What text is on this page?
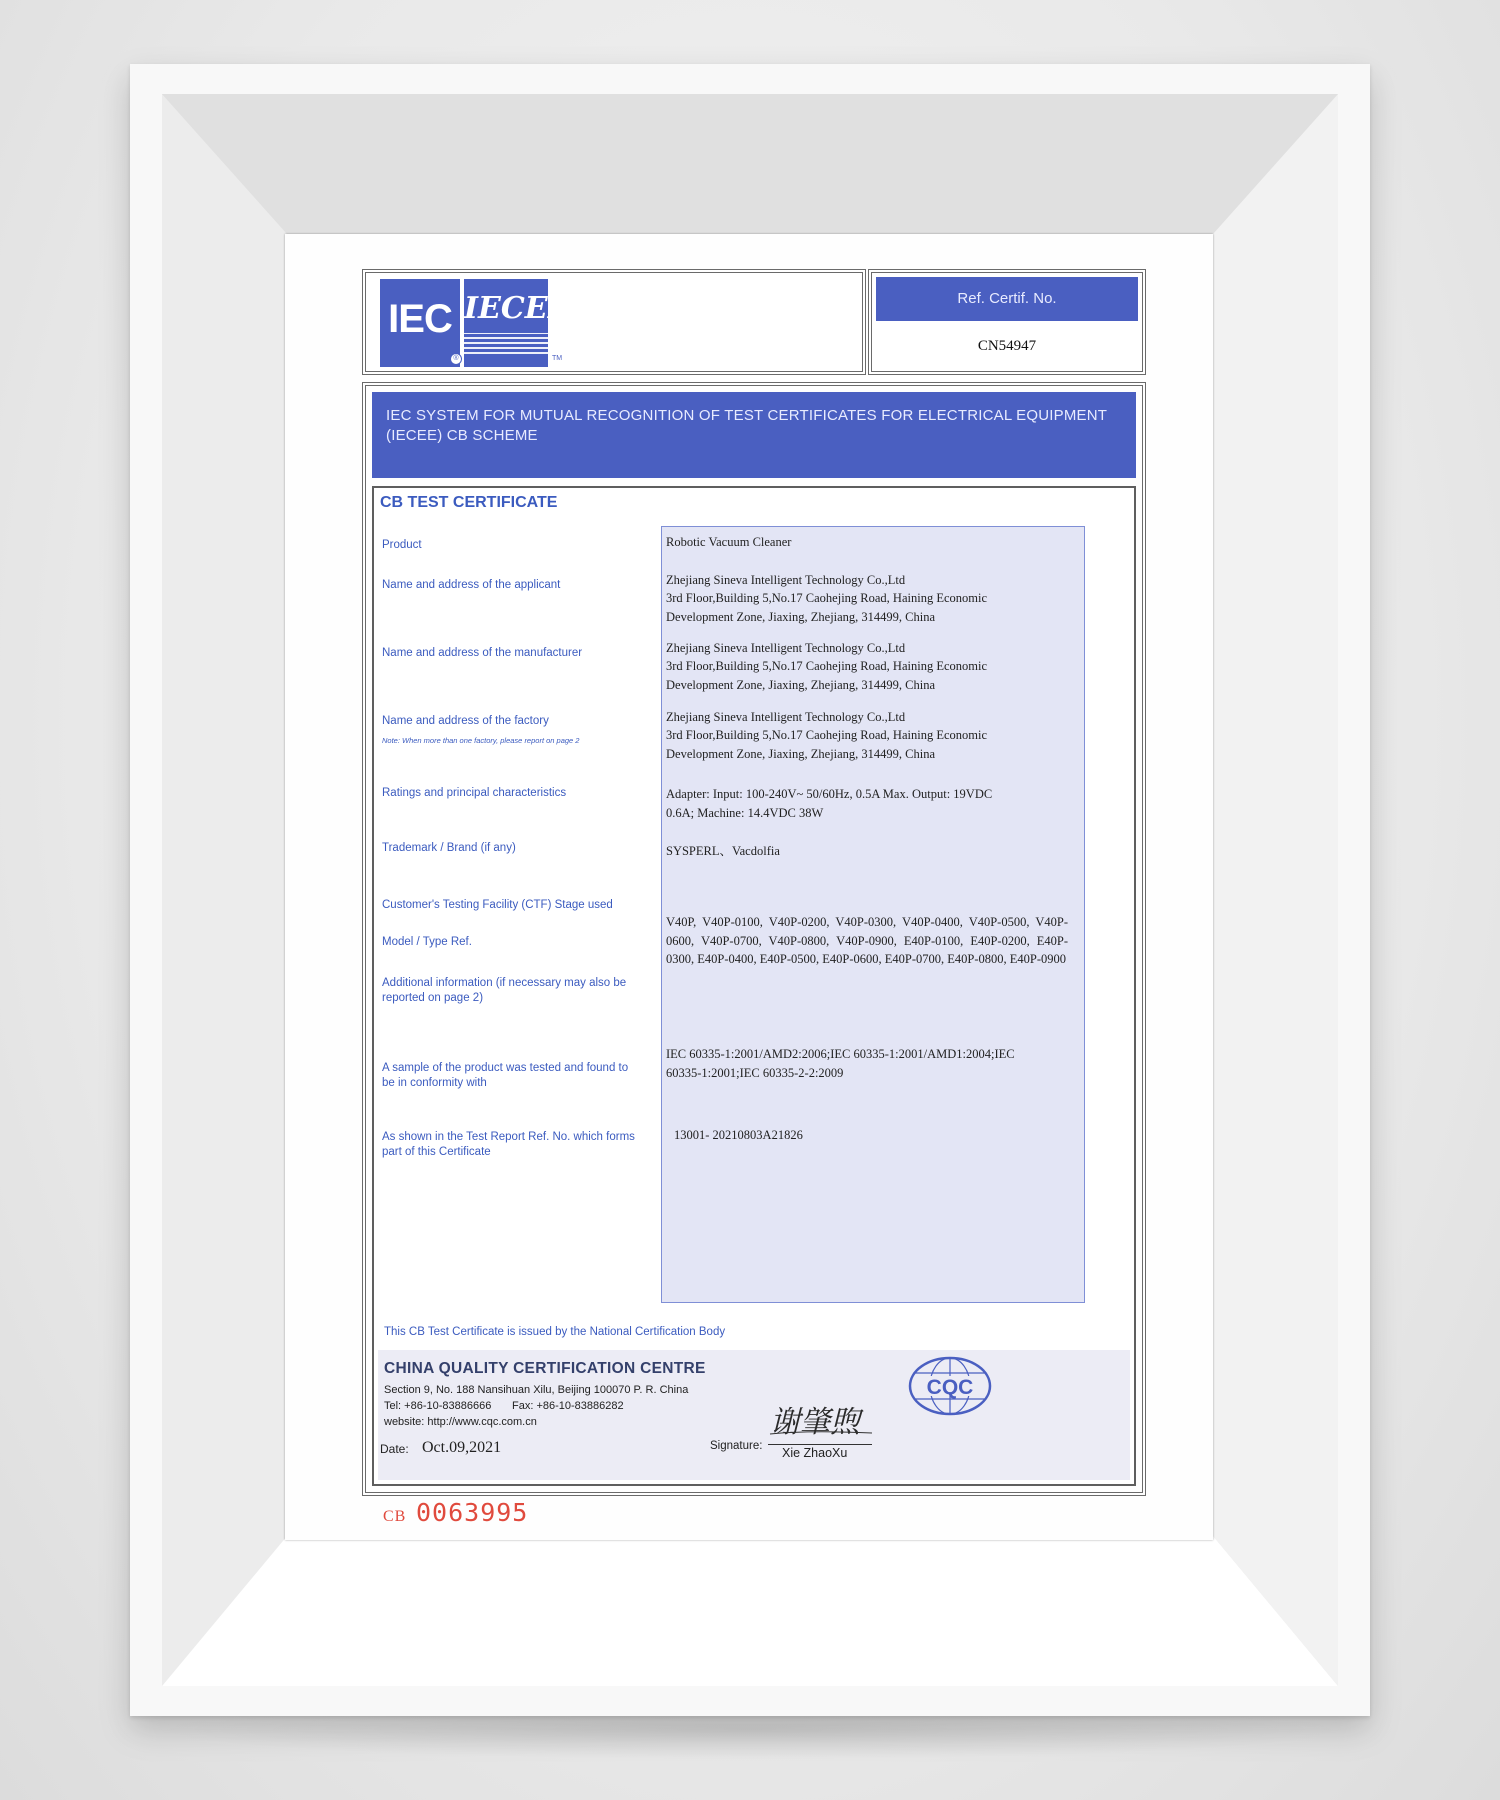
IEC
®
IECEE
TM
Ref. Certif. No.
CN54947
IEC SYSTEM FOR MUTUAL RECOGNITION OF TEST CERTIFICATES FOR ELECTRICAL EQUIPMENT
(IECEE) CB SCHEME
CB TEST CERTIFICATE
Product
Name and address of the applicant
Name and address of the manufacturer
Name and address of the factory
Note: When more than one factory, please report on page 2
Ratings and principal characteristics
Trademark / Brand (if any)
Customer's Testing Facility (CTF) Stage used
Model / Type Ref.
Additional information (if necessary may also be reported on page 2)
A sample of the product was tested and found to be in conformity with
As shown in the Test Report Ref. No. which forms part of this Certificate
Robotic Vacuum Cleaner
Zhejiang Sineva Intelligent Technology Co.,Ltd
3rd Floor,Building 5,No.17 Caohejing Road, Haining Economic Development Zone, Jiaxing, Zhejiang, 314499, China
Zhejiang Sineva Intelligent Technology Co.,Ltd
3rd Floor,Building 5,No.17 Caohejing Road, Haining Economic Development Zone, Jiaxing, Zhejiang, 314499, China
Zhejiang Sineva Intelligent Technology Co.,Ltd
3rd Floor,Building 5,No.17 Caohejing Road, Haining Economic Development Zone, Jiaxing, Zhejiang, 314499, China
Adapter: Input: 100-240V~ 50/60Hz, 0.5A Max. Output: 19VDC 0.6A; Machine: 14.4VDC 38W
SYSPERL、Vacdolfia
V40P, V40P-0100, V40P-0200, V40P-0300, V40P-0400, V40P-0500, V40P-0600, V40P-0700, V40P-0800, V40P-0900, E40P-0100, E40P-0200, E40P-0300, E40P-0400, E40P-0500, E40P-0600, E40P-0700, E40P-0800, E40P-0900
IEC 60335-1:2001/AMD2:2006;IEC 60335-1:2001/AMD1:2004;IEC 60335-1:2001;IEC 60335-2-2:2009
13001- 20210803A21826
This CB Test Certificate is issued by the National Certification Body
CHINA QUALITY CERTIFICATION CENTRE
Section 9, No. 188 Nansihuan Xilu, Beijing 100070 P. R. China
Tel: +86-10-83886666 Fax: +86-10-83886282
website: http://www.cqc.com.cn
CQC
Date: Oct.09,2021	Signature:
谢肇煦
Xie ZhaoXu
CB 0063995
